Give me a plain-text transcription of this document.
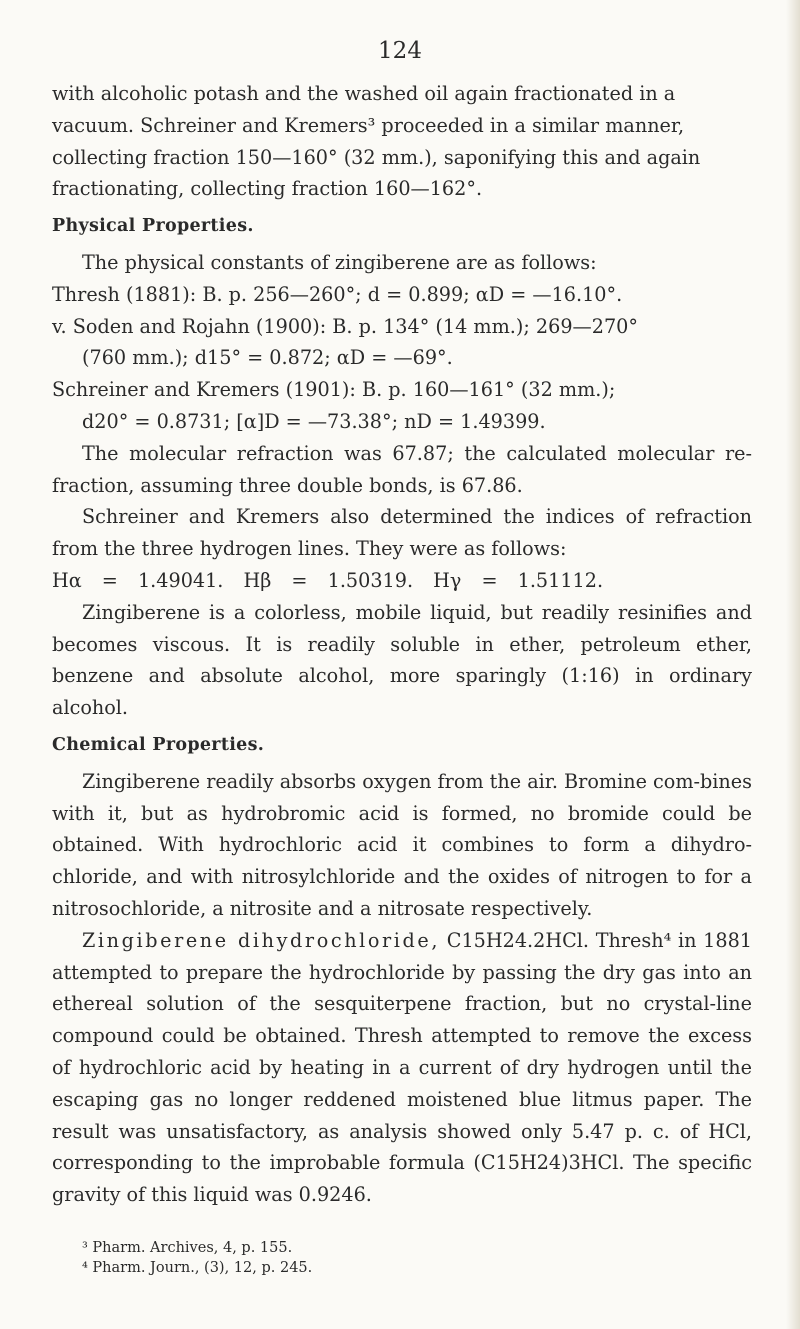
124

with alcoholic potash and the washed oil again fractionated in a
vacuum. Schreiner and Kremers³ proceeded in a similar manner,
collecting fraction 150—160° (32 mm.), saponifying this and again
fractionating, collecting fraction 160—162°.

Physical Properties.

The physical constants of zingiberene are as follows:

Thresh (1881): B. p. 256—260°; d = 0.899; αD = —16.10°.

v. Soden and Rojahn (1900): B. p. 134° (14 mm.); 269—270°
(760 mm.); d15° = 0.872; αD = —69°.

Schreiner and Kremers (1901): B. p. 160—161° (32 mm.);
d20° = 0.8731; [α]D = —73.38°; nD = 1.49399.

The molecular refraction was 67.87; the calculated molecular re-fraction, assuming three double bonds, is 67.86.

Schreiner and Kremers also determined the indices of refraction from the three hydrogen lines. They were as follows:

Hα = 1.49041. Hβ = 1.50319. Hγ = 1.51112.

Zingiberene is a colorless, mobile liquid, but readily resinifies and becomes viscous. It is readily soluble in ether, petroleum ether, benzene and absolute alcohol, more sparingly (1:16) in ordinary alcohol.

Chemical Properties.

Zingiberene readily absorbs oxygen from the air. Bromine com-bines with it, but as hydrobromic acid is formed, no bromide could be obtained. With hydrochloric acid it combines to form a dihydro-chloride, and with nitrosylchloride and the oxides of nitrogen to for a nitrosochloride, a nitrosite and a nitrosate respectively.

Zingiberene dihydrochloride, C15H24.2HCl. Thresh⁴ in 1881 attempted to prepare the hydrochloride by passing the dry gas into an ethereal solution of the sesquiterpene fraction, but no crystal-line compound could be obtained. Thresh attempted to remove the excess of hydrochloric acid by heating in a current of dry hydrogen until the escaping gas no longer reddened moistened blue litmus paper. The result was unsatisfactory, as analysis showed only 5.47 p. c. of HCl, corresponding to the improbable formula (C15H24)3HCl. The specific gravity of this liquid was 0.9246.

³ Pharm. Archives, 4, p. 155.
⁴ Pharm. Journ., (3), 12, p. 245.
